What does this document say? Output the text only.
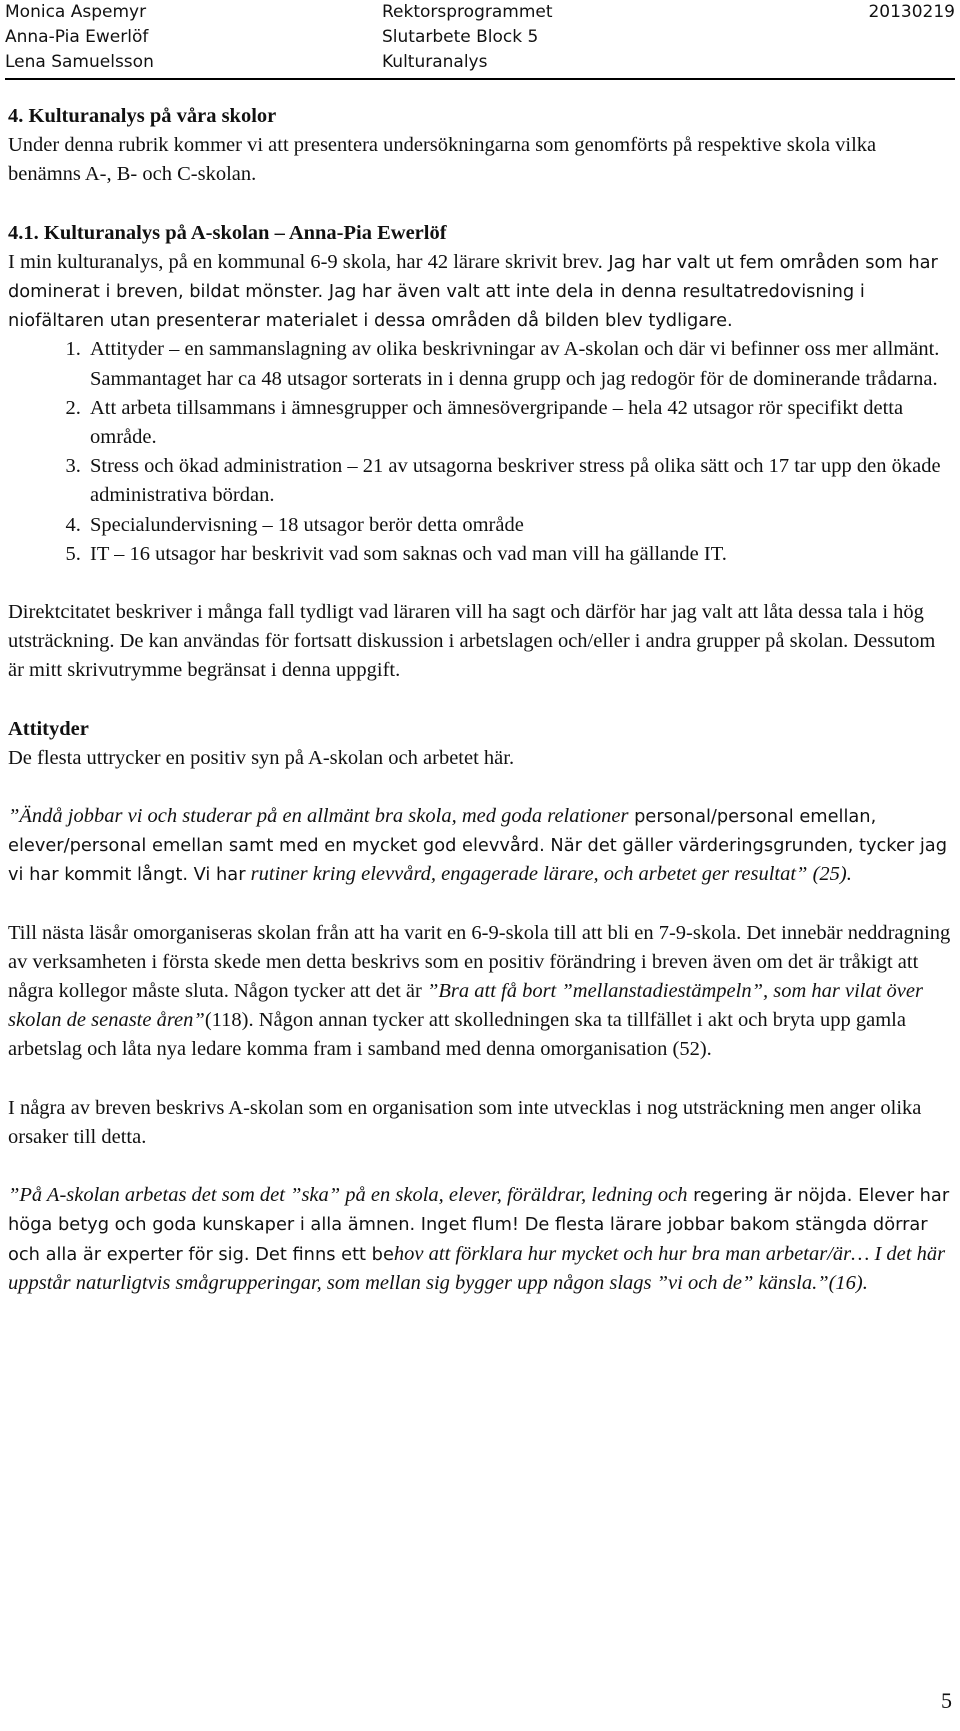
Monica Aspemyr	Rektorsprogrammet	20130219
Anna-Pia Ewerlöf	Slutarbete Block 5
Lena Samuelsson	Kulturanalys

4. Kulturanalys på våra skolor

Under denna rubrik kommer vi att presentera undersökningarna som genomförts på respektive skola vilka benämns A-, B- och C-skolan.

4.1. Kulturanalys på A-skolan – Anna-Pia Ewerlöf

I min kulturanalys, på en kommunal 6-9 skola, har 42 lärare skrivit brev. Jag har valt ut fem områden som har dominerat i breven, bildat mönster. Jag har även valt att inte dela in denna resultatredovisning i niofältaren utan presenterar materialet i dessa områden då bilden blev tydligare.

1. Attityder – en sammanslagning av olika beskrivningar av A-skolan och där vi befinner oss mer allmänt. Sammantaget har ca 48 utsagor sorterats in i denna grupp och jag redogör för de dominerande trådarna.
2. Att arbeta tillsammans i ämnesgrupper och ämnesövergripande – hela 42 utsagor rör specifikt detta område.
3. Stress och ökad administration – 21 av utsagorna beskriver stress på olika sätt och 17 tar upp den ökade administrativa bördan.
4. Specialundervisning – 18 utsagor berör detta område
5. IT – 16 utsagor har beskrivit vad som saknas och vad man vill ha gällande IT.

Direktcitatet beskriver i många fall tydligt vad läraren vill ha sagt och därför har jag valt att låta dessa tala i hög utsträckning. De kan användas för fortsatt diskussion i arbetslagen och/eller i andra grupper på skolan. Dessutom är mitt skrivutrymme begränsat i denna uppgift.

Attityder

De flesta uttrycker en positiv syn på A-skolan och arbetet här.

”Ändå jobbar vi och studerar på en allmänt bra skola, med goda relationer personal/personal emellan, elever/personal emellan samt med en mycket god elevvård. När det gäller värderingsgrunden, tycker jag vi har kommit långt. Vi har rutiner kring elevvård, engagerade lärare, och arbetet ger resultat” (25).

Till nästa läsår omorganiseras skolan från att ha varit en 6-9-skola till att bli en 7-9-skola. Det innebär neddragning av verksamheten i första skede men detta beskrivs som en positiv förändring i breven även om det är tråkigt att några kollegor måste sluta. Någon tycker att det är ”Bra att få bort ”mellanstadiestämpeln”, som har vilat över skolan de senaste åren”(118). Någon annan tycker att skolledningen ska ta tillfället i akt och bryta upp gamla arbetslag och låta nya ledare komma fram i samband med denna omorganisation (52).

I några av breven beskrivs A-skolan som en organisation som inte utvecklas i nog utsträckning men anger olika orsaker till detta.

”På A-skolan arbetas det som det ”ska” på en skola, elever, föräldrar, ledning och regering är nöjda. Elever har höga betyg och goda kunskaper i alla ämnen. Inget flum! De flesta lärare jobbar bakom stängda dörrar och alla är experter för sig. Det finns ett behov att förklara hur mycket och hur bra man arbetar/är… I det här uppstår naturligtvis smågrupperingar, som mellan sig bygger upp någon slags ”vi och de” känsla.”(16).

5
